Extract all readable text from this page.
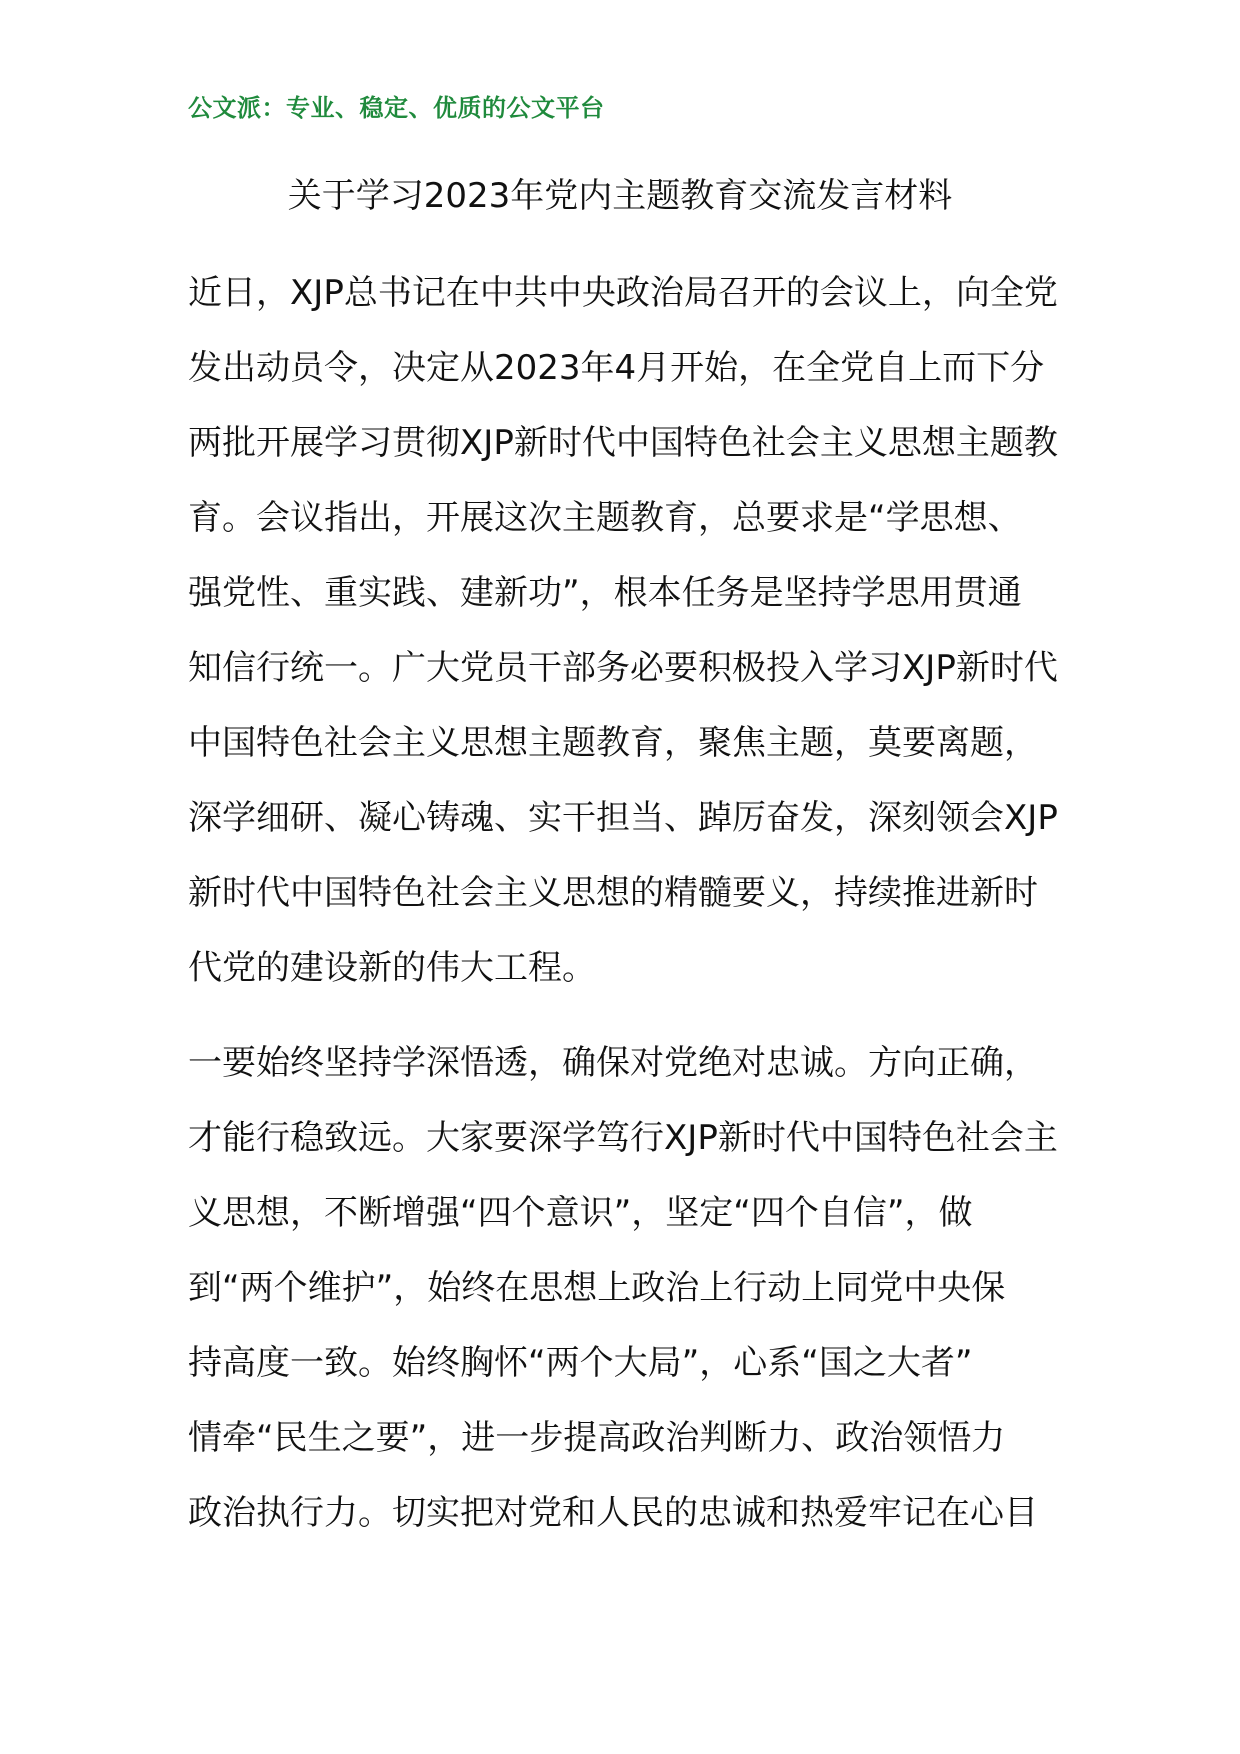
公文派：专业、稳定、优质的公文平台
关于学习2023年党内主题教育交流发言材料
近日，XJP总书记在中共中央政治局召开的会议上，向全党
发出动员令，决定从2023年4月开始，在全党自上而下分
两批开展学习贯彻XJP新时代中国特色社会主义思想主题教
育。会议指出，开展这次主题教育，总要求是“学思想、
强党性、重实践、建新功”，根本任务是坚持学思用贯通
知信行统一。广大党员干部务必要积极投入学习XJP新时代
中国特色社会主义思想主题教育，聚焦主题，莫要离题，
深学细研、凝心铸魂、实干担当、踔厉奋发，深刻领会XJP
新时代中国特色社会主义思想的精髓要义，持续推进新时
代党的建设新的伟大工程。
一要始终坚持学深悟透，确保对党绝对忠诚。方向正确，
才能行稳致远。大家要深学笃行XJP新时代中国特色社会主
义思想，不断增强“四个意识”，坚定“四个自信”，做
到“两个维护”，始终在思想上政治上行动上同党中央保
持高度一致。始终胸怀“两个大局”，心系“国之大者”
情牵“民生之要”，进一步提高政治判断力、政治领悟力
政治执行力。切实把对党和人民的忠诚和热爱牢记在心目
